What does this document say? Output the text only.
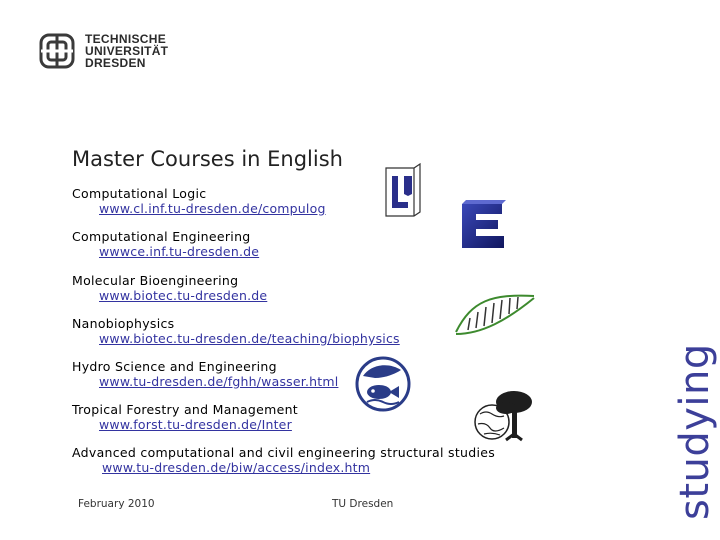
TECHNISCHE
UNIVERSITÄT
DRESDEN
Master Courses in English
Computational Logic
www.cl.inf.tu-dresden.de/compulog
Computational Engineering
wwwce.inf.tu-dresden.de
Molecular Bioengineering
www.biotec.tu-dresden.de
Nanobiophysics
www.biotec.tu-dresden.de/teaching/biophysics
Hydro Science and Engineering
www.tu-dresden.de/fghh/wasser.html
Tropical Forestry and Management
www.forst.tu-dresden.de/Inter
Advanced computational and civil engineering structural studies
www.tu-dresden.de/biw/access/index.htm	studying
February 2010	TU Dresden
